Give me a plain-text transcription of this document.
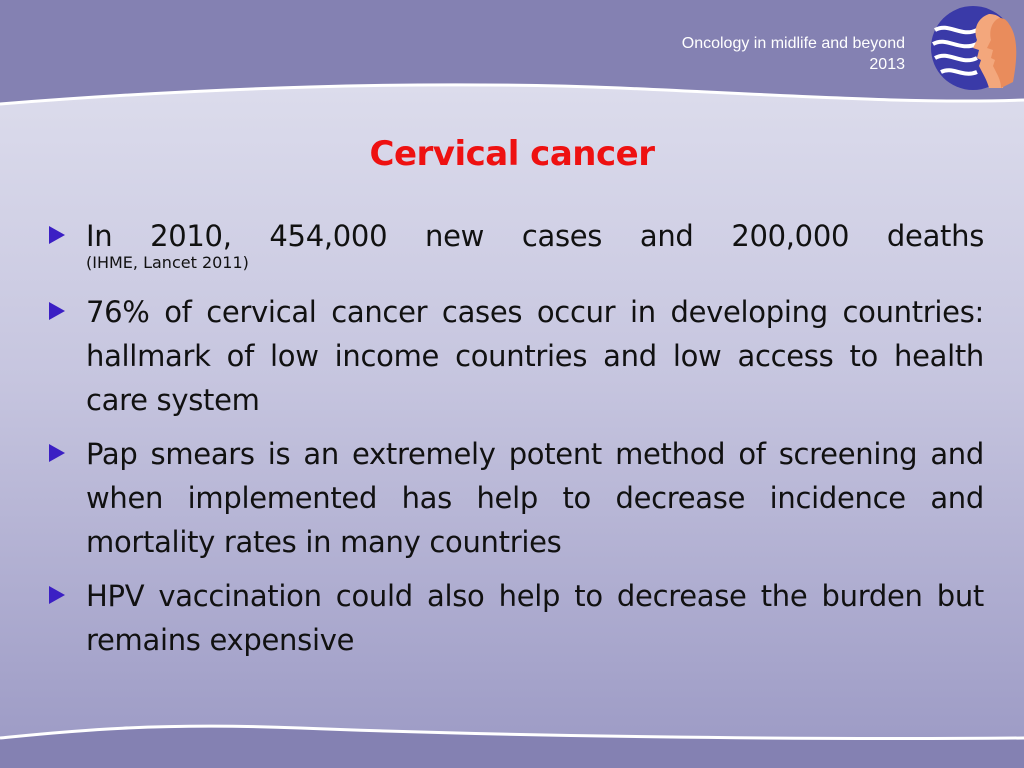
Oncology in midlife and beyond
2013
Cervical cancer
In 2010, 454,000 new cases and 200,000 deaths
(IHME, Lancet 2011)
76% of cervical cancer cases occur in developing countries: hallmark of low income countries and low access to health care system
Pap smears is an extremely potent method of screening and when implemented has help to decrease incidence and mortality rates in many countries
HPV vaccination could also help to decrease the burden but remains expensive
